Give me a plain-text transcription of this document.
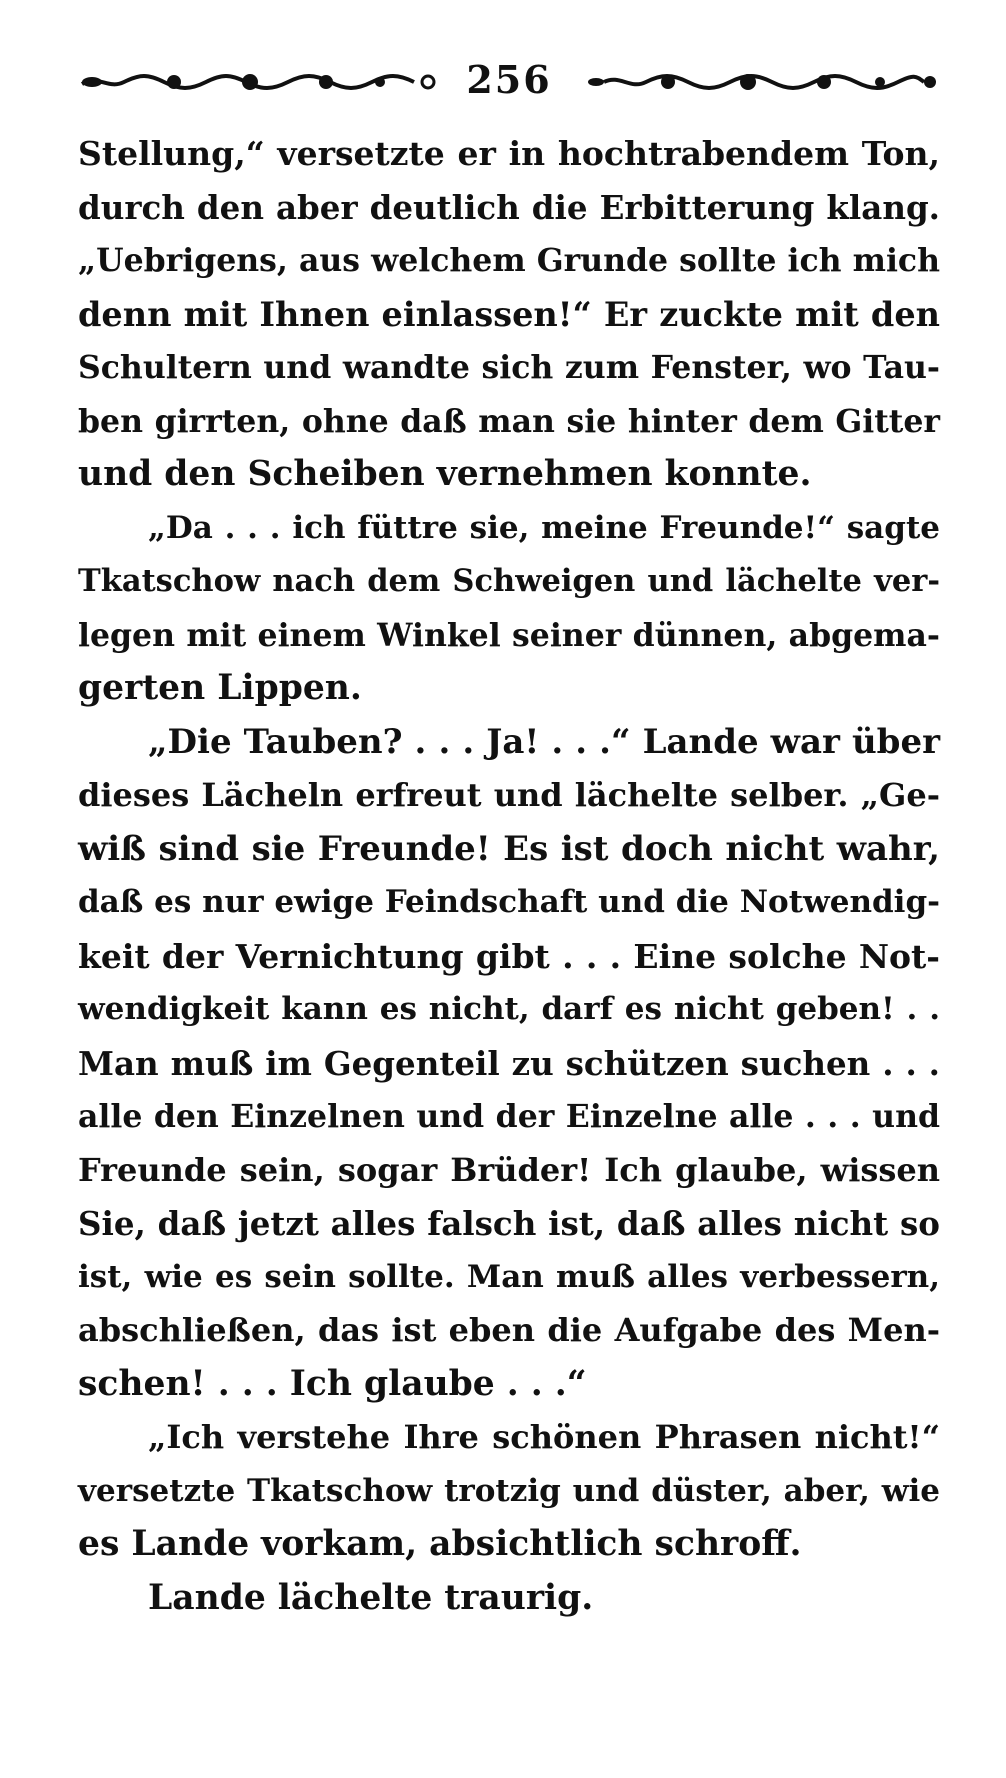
256

Stellung,“ versetzte er in hochtrabendem Ton,
durch den aber deutlich die Erbitterung klang.
„Uebrigens, aus welchem Grunde sollte ich mich
denn mit Ihnen einlassen!“ Er zuckte mit den
Schultern und wandte sich zum Fenster, wo Tau-
ben girrten, ohne daß man sie hinter dem Gitter
und den Scheiben vernehmen konnte.

„Da . . . ich füttre sie, meine Freunde!“ sagte
Tkatschow nach dem Schweigen und lächelte ver-
legen mit einem Winkel seiner dünnen, abgema-
gerten Lippen.

„Die Tauben? . . . Ja! . . .“ Lande war über
dieses Lächeln erfreut und lächelte selber. „Ge-
wiß sind sie Freunde! Es ist doch nicht wahr,
daß es nur ewige Feindschaft und die Notwendig-
keit der Vernichtung gibt . . . Eine solche Not-
wendigkeit kann es nicht, darf es nicht geben! . .
Man muß im Gegenteil zu schützen suchen . . .
alle den Einzelnen und der Einzelne alle . . . und
Freunde sein, sogar Brüder! Ich glaube, wissen
Sie, daß jetzt alles falsch ist, daß alles nicht so
ist, wie es sein sollte. Man muß alles verbessern,
abschließen, das ist eben die Aufgabe des Men-
schen! . . . Ich glaube . . .“

„Ich verstehe Ihre schönen Phrasen nicht!“
versetzte Tkatschow trotzig und düster, aber, wie
es Lande vorkam, absichtlich schroff.

Lande lächelte traurig.
